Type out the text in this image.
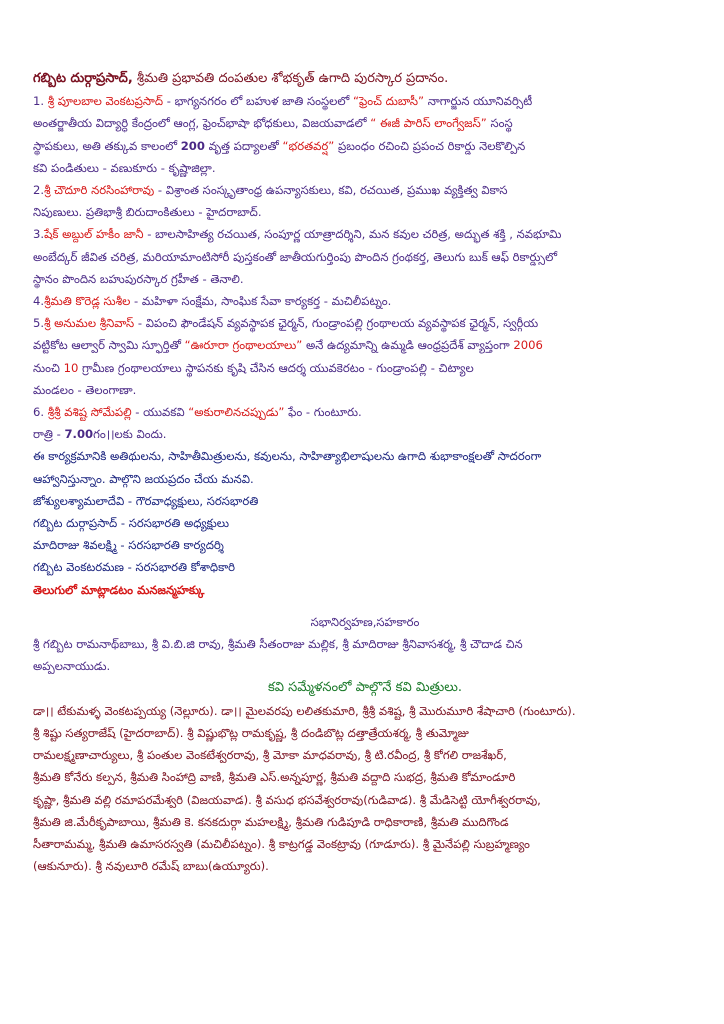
గబ్బిట దుర్గాప్రసాద్, శ్రీమతి ప్రభావతి దంపతుల శోభకృత్ ఉగాది పురస్కార ప్రదానం.
1. శ్రీ పూలబాల వెంకటప్రసాద్ - భాగ్యనగరం లో బహుళ జాతి సంస్థలలో “ఫ్రెంచ్ దుబాసీ” నాగార్జున యూనివర్సిటీ
అంతర్జాతీయ విద్యార్ధి కేంద్రంలో ఆంగ్ల, ఫ్రెంచ్‌భాషా భోధకులు, విజయవాడలో “ ఈజీ పారిస్ లాంగ్వేజస్” సంస్థ
స్థాపకులు, అతి తక్కువ కాలంలో 200 వృత్త పద్యాలతో “భరతవర్ష” ప్రబంధం రచించి ప్రపంచ రికార్డు నెలకొల్పిన
కవి పండితులు - వణుకూరు - కృష్ణాజిల్లా.
2.శ్రీ చౌదూరి నరసింహారావు - విశ్రాంత సంస్కృతాంధ్ర ఉపన్యాసకులు, కవి, రచయిత, ప్రముఖ వ్యక్తిత్వ వికాస
నిపుణులు. ప్రతిభాశ్రీ బిరుదాంకితులు - హైదరాబాద్.
3.షేక్ అబ్దుల్ హకీం జానీ - బాలసాహిత్య రచయిత, సంపూర్ణ యాత్రాదర్శిని, మన కవుల చరిత్ర, అద్భుత శక్తి , నవభూమి
అంబేద్కర్ జీవిత చరిత్ర, మరియామాంటిసోరీ పుస్తకంతో జాతీయగుర్తింపు పొందిన గ్రంథకర్త, తెలుగు బుక్ ఆఫ్ రికార్డ్సులో
స్థానం పొందిన బహుపురస్కార గ్రహీత - తెనాలి.
4.శ్రీమతి కొరెడ్ల సుశీల - మహిళా సంక్షేమ, సాంఘిక సేవా కార్యకర్త - మచిలీపట్నం.
5.శ్రీ అనుమల శ్రీనివాస్ - విపంచి ఫౌండేషన్ వ్యవస్థాపక ఛైర్మన్, గుండ్రాంపల్లి గ్రంథాలయ వ్యవస్థాపక ఛైర్మన్, స్వర్గీయ
వట్టికోట ఆల్వార్ స్వామి స్ఫూర్తితో “ఊరూరా గ్రంథాలయాలు” అనే ఉద్యమాన్ని ఉమ్మడి ఆంధ్రప్రదేశ్ వ్యాప్తంగా 2006
నుంచి 10 గ్రామీణ గ్రంథాలయాలు స్థాపనకు కృషి చేసిన ఆదర్శ యువకెరటం - గుండ్రాంపల్లి - చిట్యాల
మండలం - తెలంగాణా.
6. శ్రీశ్రీ వశిష్ట సోమేపల్లి - యువకవి “అకురాలినచప్పుడు” ఫేం - గుంటూరు.
రాత్రి - 7.00గం।।లకు విందు.
ఈ కార్యక్రమానికి అతిథులను, సాహితీమిత్రులను, కవులను, సాహిత్యాభిలాషులను ఉగాది శుభాకాంక్షలతో సాదరంగా
ఆహ్వానిస్తున్నాం. పాల్గొని జయప్రదం చేయ మనవి.
జోశ్యులశ్యామలాదేవి - గౌరవాధ్యక్షులు, సరసభారతి
గబ్బిట దుర్గాప్రసాద్ - సరసభారతి అధ్యక్షులు
మాదిరాజు శివలక్ష్మి - సరసభారతి కార్యదర్శి
గబ్బిట వెంకటరమణ - సరసభారతి కోశాధికారి
తెలుగులో మాట్లాడటం మనజన్మహక్కు
సభానిర్వహణ,సహకారం
శ్రీ గబ్బిట రామనాథ్‌బాబు, శ్రీ వి.బి.జి రావు, శ్రీమతి సీతంరాజు మల్లిక, శ్రీ మాదిరాజు శ్రీనివాసశర్మ, శ్రీ చౌదాడ చిన
అప్పలనాయుడు.
కవి సమ్మేళనంలో పాల్గొనే కవి మిత్రులు.
డా।। టేకుమళ్ళ వెంకటప్పయ్య (నెల్లూరు). డా।। మైలవరపు లలితకుమారి, శ్రీశ్రీ వశిష్ట, శ్రీ మొరుమూరి శేషాచారి (గుంటూరు).
శ్రీ శిష్టు సత్యరాజేష్ (హైదరాబాద్). శ్రీ విష్ణుభొట్ల రామకృష్ణ, శ్రీ దండిబొట్ల దత్తాత్రేయశర్మ, శ్రీ తుమ్మోజు
రామలక్ష్మణాచార్యులు, శ్రీ పంతుల వెంకటేశ్వరరావు, శ్రీ మోకా మాధవరావు, శ్రీ టి.రవీంద్ర, శ్రీ కోగలి రాజశేఖర్,
శ్రీమతి కోనేరు కల్పన, శ్రీమతి సింహాద్రి వాణి, శ్రీమతి ఎస్.అన్నపూర్ణ, శ్రీమతి వద్దాది సుభద్ర, శ్రీమతి కోమాండూరి
కృష్ణా, శ్రీమతి వల్లి రమాపరమేశ్వరి (విజయవాడ). శ్రీ వసుధ భసవేశ్వరరావు(గుడివాడ). శ్రీ మేడిసెట్టి యోగీశ్వరరావు,
శ్రీమతి జి.మేరీకృపాబాయి, శ్రీమతి కె. కనకదుర్గా మహలక్ష్మి, శ్రీమతి గుడిపూడి రాధికారాణి, శ్రీమతి ముదిగొండ
సీతారామమ్మ, శ్రీమతి ఉమాసరస్వతి (మచిలీపట్నం). శ్రీ కాట్రగడ్డ వెంకట్రావు (గూడూరు). శ్రీ మైనేపల్లి సుబ్రహ్మణ్యం
(ఆకునూరు). శ్రీ నవులూరి రమేష్ బాబు(ఉయ్యూరు).
